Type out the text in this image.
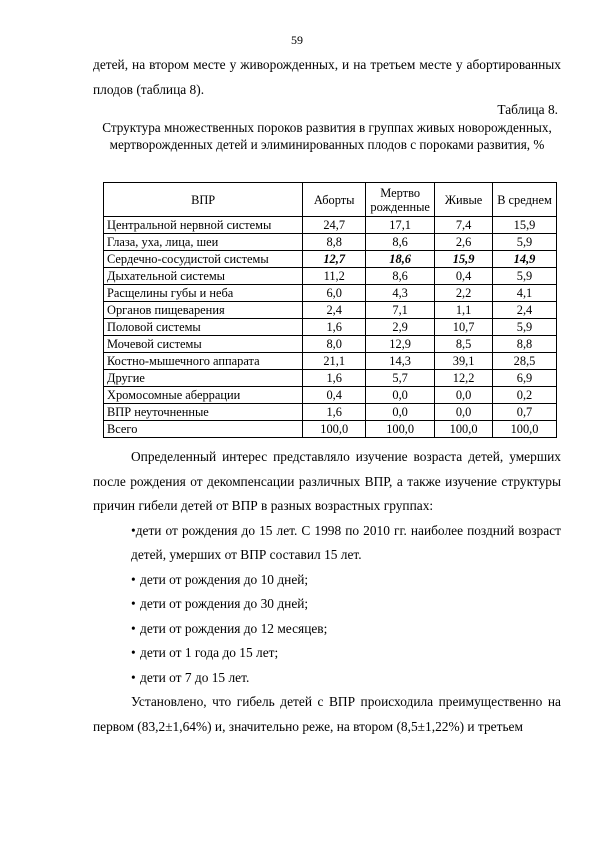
59

детей, на втором месте у живорожденных, и на третьем месте у абортированных плодов (таблица 8).

Таблица 8.
Структура множественных пороков развития в группах живых новорожденных, мертворожденных детей и элиминированных плодов с пороками развития, %
ВПР	Аборты	Мертво рожденные	Живые	В среднем
Центральной нервной системы	24,7	17,1	7,4	15,9
Глаза, уха, лица, шеи	8,8	8,6	2,6	5,9
Сердечно-сосудистой системы	12,7	18,6	15,9	14,9
Дыхательной системы	11,2	8,6	0,4	5,9
Расщелины губы и неба	6,0	4,3	2,2	4,1
Органов пищеварения	2,4	7,1	1,1	2,4
Половой системы	1,6	2,9	10,7	5,9
Мочевой системы	8,0	12,9	8,5	8,8
Костно-мышечного аппарата	21,1	14,3	39,1	28,5
Другие	1,6	5,7	12,2	6,9
Хромосомные аберрации	0,4	0,0	0,0	0,2
ВПР неуточненные	1,6	0,0	0,0	0,7
Всего	100,0	100,0	100,0	100,0

Определенный интерес представляло изучение возраста детей, умерших после рождения от декомпенсации различных ВПР, а также изучение структуры причин гибели детей от ВПР в разных возрастных группах:

•дети от рождения до 15 лет. С 1998 по 2010 гг. наиболее поздний возраст детей, умерших от ВПР составил 15 лет.

• дети от рождения до 10 дней;

• дети от рождения до 30 дней;

• дети от рождения до 12 месяцев;

• дети от 1 года до 15 лет;

• дети от 7 до 15 лет.

Установлено, что гибель детей с ВПР происходила преимущественно на первом (83,2±1,64%) и, значительно реже, на втором (8,5±1,22%) и третьем
